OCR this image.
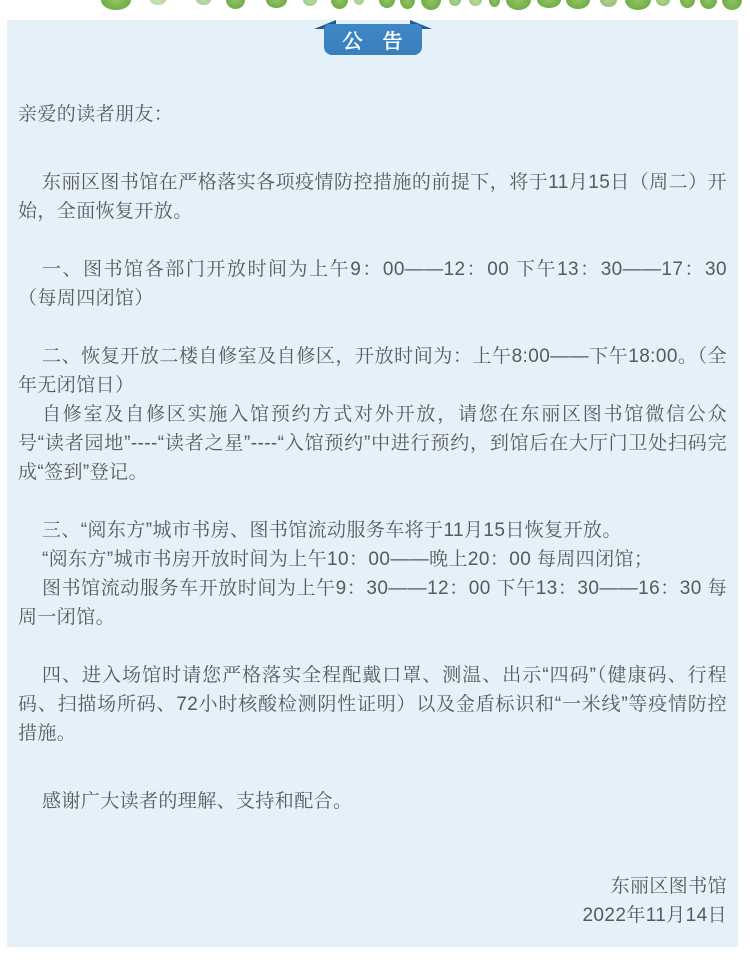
公　告

亲爱的读者朋友：

东丽区图书馆在严格落实各项疫情防控措施的前提下，将于11月15日（周二）开始，全面恢复开放。

一、图书馆各部门开放时间为上午9：00——12：00 下午13：30——17：30（每周四闭馆）

二、恢复开放二楼自修室及自修区，开放时间为：上午8:00——下午18:00。（全年无闭馆日）

自修室及自修区实施入馆预约方式对外开放，请您在东丽区图书馆微信公众号“读者园地”----“读者之星”----“入馆预约”中进行预约，到馆后在大厅门卫处扫码完成“签到”登记。

三、“阅东方”城市书房、图书馆流动服务车将于11月15日恢复开放。

“阅东方”城市书房开放时间为上午10：00——晚上20：00 每周四闭馆；

图书馆流动服务车开放时间为上午9：30——12：00 下午13：30——16：30 每周一闭馆。

四、进入场馆时请您严格落实全程配戴口罩、测温、出示“四码”（健康码、行程码、扫描场所码、72小时核酸检测阴性证明）以及金盾标识和“一米线”等疫情防控措施。

感谢广大读者的理解、支持和配合。

东丽区图书馆

2022年11月14日
